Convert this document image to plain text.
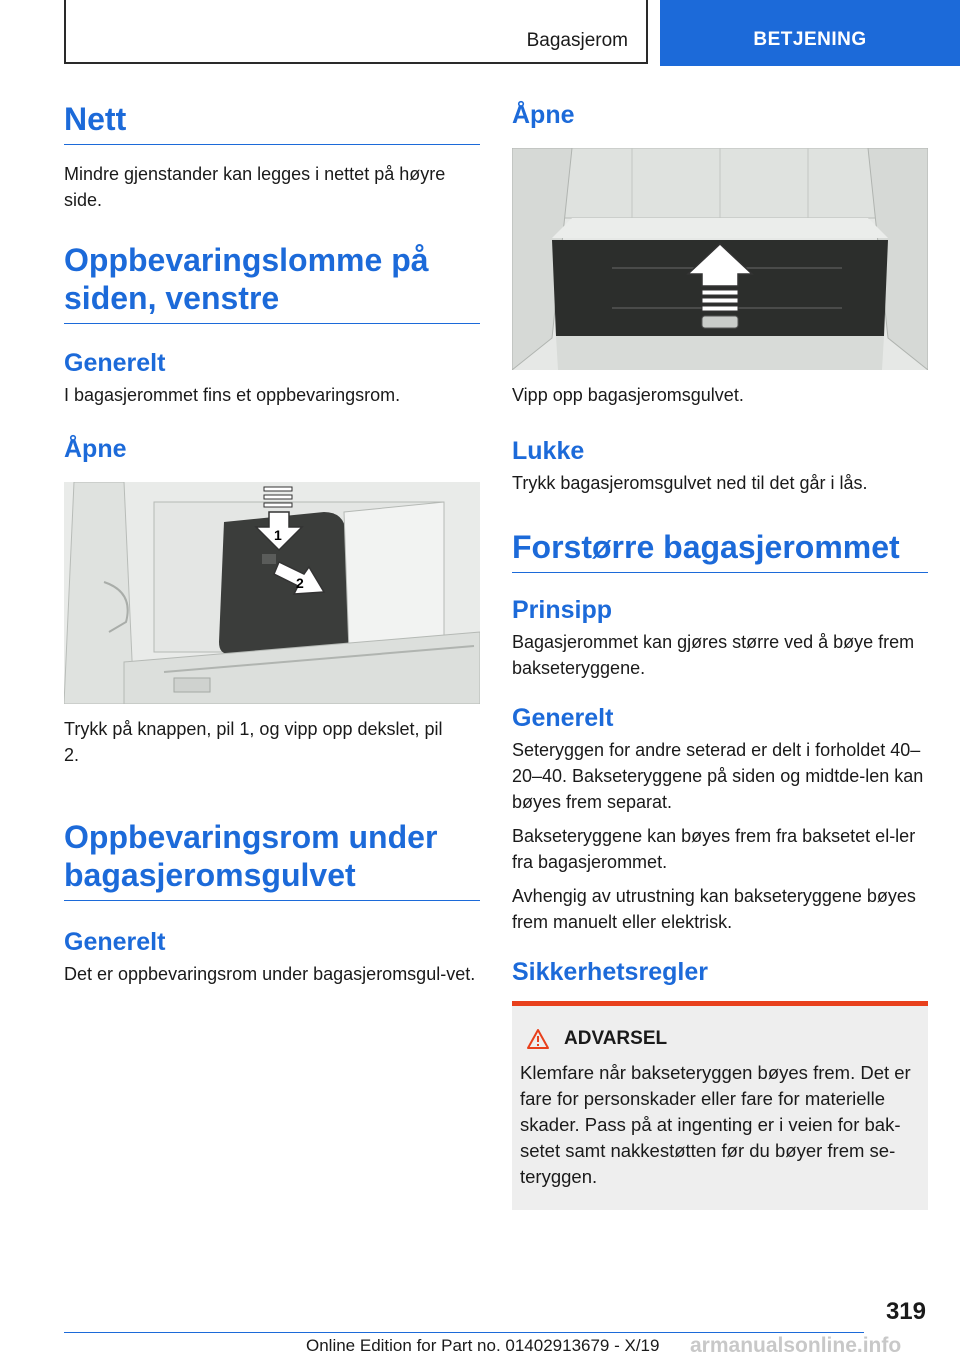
Bagasjerom	BETJENING
Nett
Mindre gjenstander kan legges i nettet på høyre side.
Oppbevaringslomme på siden, venstre
Generelt
I bagasjerommet fins et oppbevaringsrom.
Åpne
1
2
Trykk på knappen, pil 1, og vipp opp dekslet, pil 2.
Oppbevaringsrom under bagasjeromsgulvet
Generelt
Det er oppbevaringsrom under bagasjeromsgul-vet.
Åpne
Vipp opp bagasjeromsgulvet.
Lukke
Trykk bagasjeromsgulvet ned til det går i lås.
Forstørre bagasjerommet
Prinsipp
Bagasjerommet kan gjøres større ved å bøye frem bakseteryggene.
Generelt
Seteryggen for andre seterad er delt i forholdet 40–20–40. Bakseteryggene på siden og midtde-len kan bøyes frem separat.
Bakseteryggene kan bøyes frem fra baksetet el-ler fra bagasjerommet.
Avhengig av utrustning kan bakseteryggene bøyes frem manuelt eller elektrisk.
Sikkerhetsregler
ADVARSEL
Klemfare når bakseteryggen bøyes frem. Det er fare for personskader eller fare for materielle skader. Pass på at ingenting er i veien for bak-setet samt nakkestøtten før du bøyer frem se-teryggen.
319
Online Edition for Part no. 01402913679 - X/19 armanualsonline.info
